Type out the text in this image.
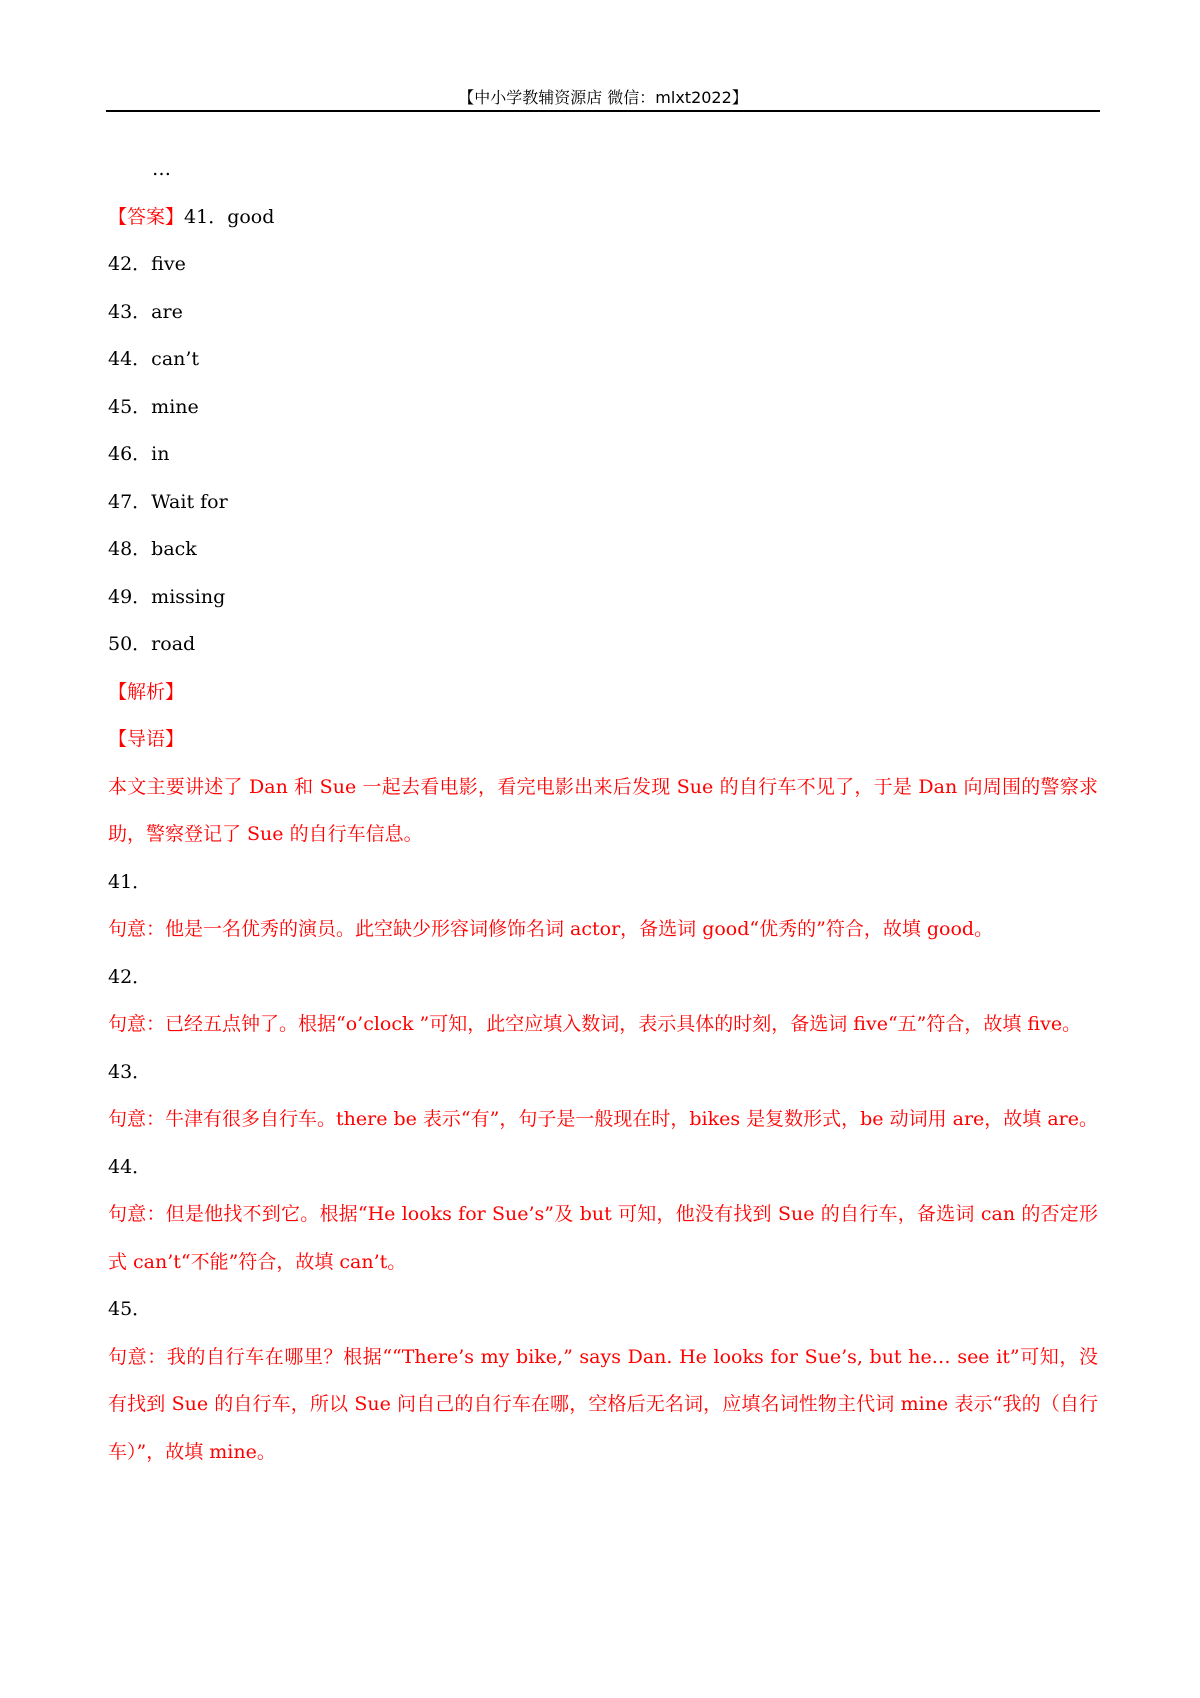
【中小学教辅资源店 微信：mlxt2022】
…
【答案】41．good
42．five
43．are
44．can’t
45．mine
46．in
47．Wait for
48．back
49．missing
50．road
【解析】
【导语】

本文主要讲述了 Dan 和 Sue 一起去看电影，看完电影出来后发现 Sue 的自行车不见了，于是 Dan 向周围的警察求助，警察登记了 Sue 的自行车信息。

41．

句意：他是一名优秀的演员。此空缺少形容词修饰名词 actor，备选词 good“优秀的”符合，故填 good。

42．

句意：已经五点钟了。根据“o’clock ”可知，此空应填入数词，表示具体的时刻，备选词 five“五”符合，故填 five。

43．

句意：牛津有很多自行车。there be 表示“有”，句子是一般现在时，bikes 是复数形式，be 动词用 are，故填 are。

44．

句意：但是他找不到它。根据“He looks for Sue’s”及 but 可知，他没有找到 Sue 的自行车，备选词 can 的否定形式 can’t“不能”符合，故填 can’t。

45．

句意：我的自行车在哪里？根据““There’s my bike,” says Dan. He looks for Sue’s, but he… see it”可知，没有找到 Sue 的自行车，所以 Sue 问自己的自行车在哪，空格后无名词，应填名词性物主代词 mine 表示“我的（自行车）”，故填 mine。
